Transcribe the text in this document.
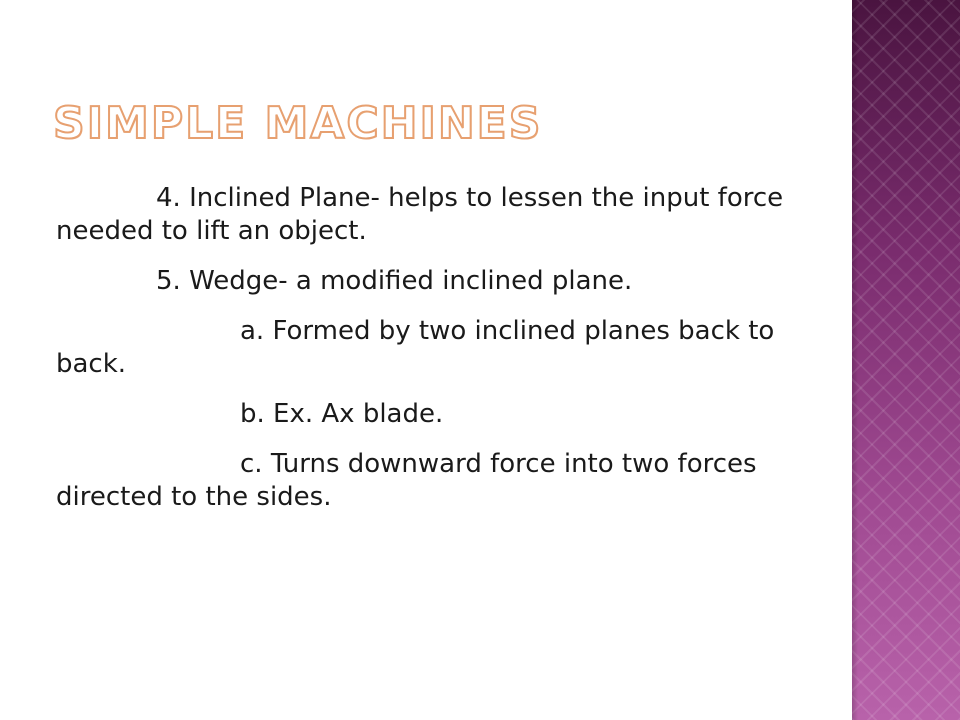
SIMPLE MACHINES

4. Inclined Plane- helps to lessen the input force needed to lift an object.

5. Wedge- a modified inclined plane.

a. Formed by two inclined planes back to back.

b. Ex. Ax blade.

c. Turns downward force into two forces directed to the sides.
